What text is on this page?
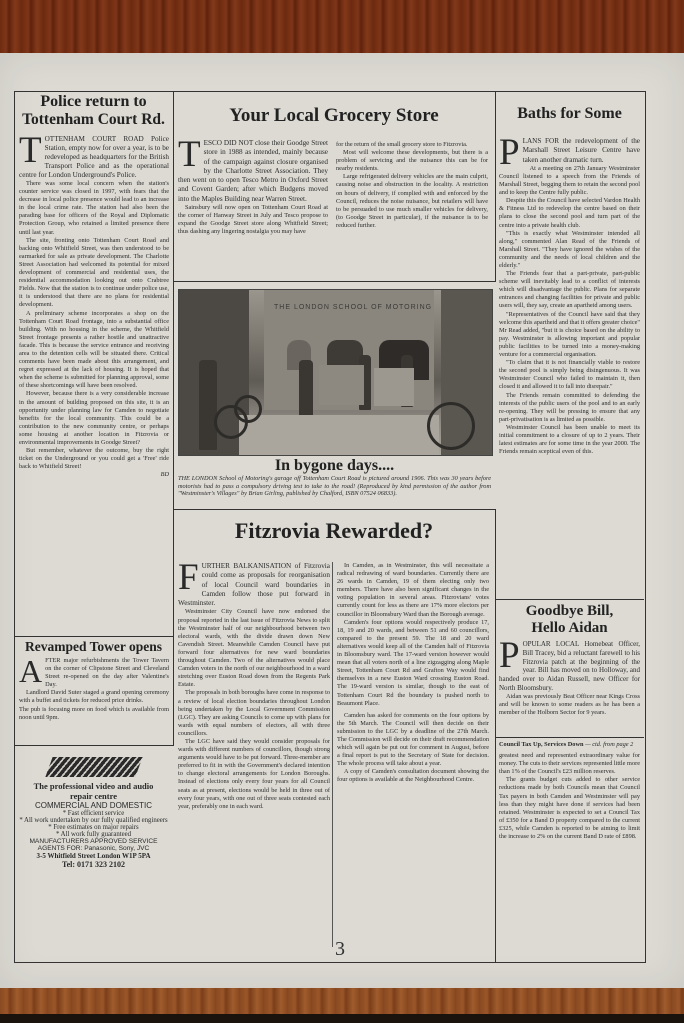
Police return to
Tottenham Court Rd.
T OTTENHAM COURT ROAD Police Station, empty now for over a year, is to be redeveloped as headquarters for the British Transport Police and as the operational centre for London Underground's Police.

There was some local concern when the station's counter service was closed in 1997, with fears that the decrease in local police presence would lead to an increase in the local crime rate. The station had also been the parading base for officers of the Royal and Diplomatic Protection Group, who retained a limited presence there until last year.

The site, fronting onto Tottenham Court Road and backing onto Whitfield Street, was then understood to be earmarked for sale as private development. The Charlotte Street Association had welcomed its potential for mixed development of commercial and residential uses, the residential accommodation looking out onto Crabtree Fields. Now that the station is to continue under police use, it is understood that there are no plans for residential development.

A preliminary scheme incorporates a shop on the Tottenham Court Road frontage, into a substantial office building. With no housing in the scheme, the Whitfield Street frontage presents a rather hostile and unattractive facade. This is because the service entrance and receiving area to the detention cells will be situated there. Critical comments have been made about this arrangement, and regret expressed at the lack of housing. It is hoped that when the scheme is submitted for planning approval, some of these shortcomings will have been resolved.

However, because there is a very considerable increase in the amount of building proposed on this site, it is an opportunity under planning law for Camden to negotiate benefits for the local community. This could be a contribution to the new community centre, or perhaps some housing at another location in Fitzrovia or environmental improvements in Goodge Street?

But remember, whatever the outcome, buy the right ticket on the Underground or you could get a 'Free' ride back to Whitfield Street!

BD
Revamped Tower opens
A FTER major refurbishments the Tower Tavern on the corner of Clipstone Street and Cleveland Street re-opened on the day after Valentine's Day.

Landlord David Suter staged a grand opening ceremony with a buffet and tickets for reduced price drinks.

The pub is focusing more on food which is available from noon until 9pm.

The professional video and audio
repair centre
COMMERCIAL AND DOMESTIC
* Fast efficient service
* All work undertaken by our fully qualified engineers
* Free estimates on major repairs
* All work fully guaranteed
MANUFACTURERS APPROVED SERVICE
AGENTS FOR: Panasonic, Sony, JVC
3-5 Whitfield Street London W1P 5PA
Tel: 0171 323 2102
Your Local Grocery Store
T ESCO DID NOT close their Goodge Street store in 1988 as intended, mainly because of the campaign against closure organised by the Charlotte Street Association. They then went on to open Tesco Metro in Oxford Street and Covent Garden; after which Budgens moved into the Maples Building near Warren Street.

Sainsbury will now open on Tottenham Court Road at the corner of Hanway Street in July and Tesco propose to expand the Goodge Street store along Whitfield Street; thus dashing any lingering nostalgia you may have

for the return of the small grocery store to Fitzrovia.

Most will welcome these developments, but there is a problem of servicing and the nuisance this can be for nearby residents.

Large refrigerated delivery vehicles are the main culprit, causing noise and obstruction in the locality. A restriction on hours of delivery, if complied with and enforced by the Council, reduces the noise nuisance, but retailers will have to be persuaded to use much smaller vehicles for delivery, (to Goodge Street in particular), if the nuisance is to be reduced further.

THE LONDON SCHOOL OF MOTORING
In bygone days....

THE LONDON School of Motoring's garage off Tottenham Court Road is pictured around 1906. This was 30 years before motorists had to pass a compulsory driving test to take to the road! (Reproduced by kind permission of the author from "Westminster's Villages" by Brian Girling, published by Chalford, ISBN 07524 06833).

Fitzrovia Rewarded?
F URTHER BALKANISATION of Fitzrovia could come as proposals for reorganisation of local Council ward boundaries in Camden follow those put forward in Westminster.

Westminster City Council have now endorsed the proposal reported in the last issue of Fitzrovia News to split the Westminster half of our neighbourhood between two electoral wards, with the divide drawn down New Cavendish Street. Meanwhile Camden Council have put forward four alternatives for new ward boundaries throughout Camden. Two of the alternatives would place Camden voters in the north of our neighbourhood in a ward stretching over Euston Road down from the Regents Park Estate.

The proposals in both boroughs have come in response to a review of local election boundaries throughout London being undertaken by the Local Government Commission (LGC). They are asking Councils to come up with plans for wards with equal numbers of electors, all with three councillors.

The LGC have said they would consider proposals for wards with different numbers of councillors, though strong arguments would have to be put forward. Three-member are preferred to fit in with the Government's declared intention to change electoral arrangements for London Boroughs. Instead of elections only every four years for all Council seats as at present, elections would be held in three out of every four years, with one out of three seats contested each year, preferably one in each ward.

In Camden, as in Westminster, this will necessitate a radical redrawing of ward boundaries. Currently there are 26 wards in Camden, 19 of them electing only two members. There have also been significant changes in the voting population in several areas. Fitzrovians' votes currently count for less as there are 17% more electors per councillor in Bloomsbury Ward than the Borough average.

Camden's four options would respectively produce 17, 18, 19 and 20 wards, and between 51 and 60 councillors, compared to the present 59. The 18 and 20 ward alternatives would keep all of the Camden half of Fitzrovia in Bloomsbury ward. The 17-ward version however would mean that all voters north of a line zigzagging along Maple Street, Tottenham Court Rd and Grafton Way would find themselves in a new Euston Ward crossing Euston Road. The 19-ward version is similar, though to the east of Tottenham Court Rd the boundary is pushed north to Beaumont Place.

Camden has asked for comments on the four options by the 5th March. The Council will then decide on their submission to the LGC by a deadline of the 27th March. The Commission will decide on their draft recommendation which will again be put out for comment in August, before a final report is put to the Secretary of State for decision. The whole process will take about a year.

A copy of Camden's consultation document showing the four options is available at the Neighbourhood Centre.

Baths for Some
P LANS FOR the redevelopment of the Marshall Street Leisure Centre have taken another dramatic turn.

At a meeting on 27th January Westminster Council listened to a speech from the Friends of Marshall Street, begging them to retain the second pool and to keep the Centre fully public.

Despite this the Council have selected Vardon Health & Fitness Ltd to redevelop the centre based on their plans to close the second pool and turn part of the centre into a private health club.

"This is exactly what Westminster intended all along," commented Alan Read of the Friends of Marshall Street. "They have ignored the wishes of the community and the needs of local children and the elderly."

The Friends fear that a part-private, part-public scheme will inevitably lead to a conflict of interests which will disadvantage the public. Plans for separate entrances and changing facilities for private and public users will, they say, create an apartheid among users.

"Representatives of the Council have said that they welcome this apartheid and that it offers greater choice" Mr Read added, "but it is choice based on the ability to pay. Westminster is allowing important and popular public facilities to be turned into a money-making venture for a commercial organisation.

"To claim that it is not financially viable to restore the second pool is simply being disingenuous. It was Westminster Council who failed to maintain it, then closed it and allowed it to fall into disrepair."

The Friends remain committed to defending the interests of the public users of the pool and to an early re-opening. They will be pressing to ensure that any part-privatisation is as limited as possible.

Westminster Council has been unable to meet its initial commitment to a closure of up to 2 years. Their latest estimates are for some time in the year 2000. The Friends remain sceptical even of this.

Goodbye Bill,
Hello Aidan
P OPULAR LOCAL Homebeat Officer, Bill Tracey, bid a reluctant farewell to his Fitzrovia patch at the beginning of the year. Bill has moved on to Holloway, and handed over to Aidan Russell, new Officer for North Bloomsbury.

Aidan was previously Beat Officer near Kings Cross and will be known to some readers as he has been a member of the Holborn Sector for 9 years.

Council Tax Up, Services Down — ctd. from page 2

greatest need and represented extraordinary value for money. The cuts to their services represented little more than 1% of the Council's £23 million reserves.

The grants budget cuts added to other service reductions made by both Councils mean that Council Tax payers in both Camden and Westminster will pay less than they might have done if services had been retained. Westminster is expected to set a Council Tax of £350 for a Band D property compared to the current £325, while Camden is reported to be aiming to limit the increase to 2% on the current Band D rate of £898.

3
